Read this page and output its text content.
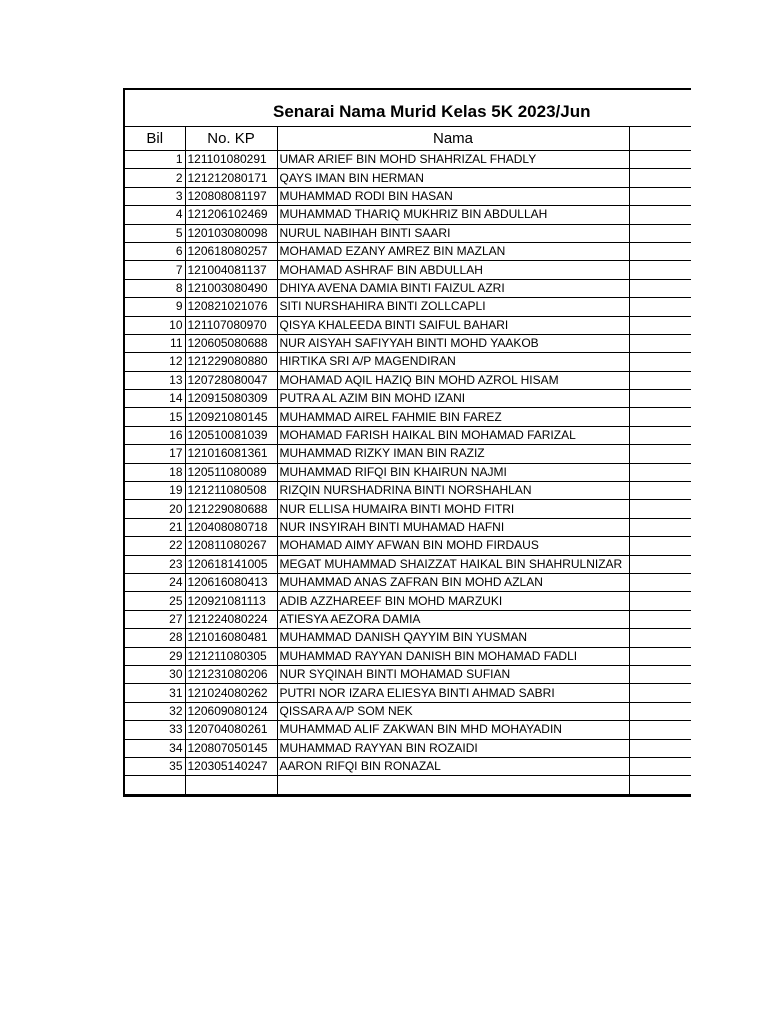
Senarai Nama Murid Kelas 5K 2023/Jun
Bil	No. KP	Nama	
1	121101080291	UMAR ARIEF BIN MOHD SHAHRIZAL FHADLY	
2	121212080171	QAYS IMAN BIN HERMAN	
3	120808081197	MUHAMMAD RODI BIN HASAN	
4	121206102469	MUHAMMAD THARIQ MUKHRIZ BIN ABDULLAH	
5	120103080098	NURUL NABIHAH BINTI SAARI	
6	120618080257	MOHAMAD EZANY AMREZ BIN MAZLAN	
7	121004081137	MOHAMAD ASHRAF BIN ABDULLAH	
8	121003080490	DHIYA AVENA DAMIA BINTI FAIZUL AZRI	
9	120821021076	SITI NURSHAHIRA BINTI ZOLLCAPLI	
10	121107080970	QISYA KHALEEDA BINTI SAIFUL BAHARI	
11	120605080688	NUR AISYAH SAFIYYAH BINTI MOHD YAAKOB	
12	121229080880	HIRTIKA SRI A/P MAGENDIRAN	
13	120728080047	MOHAMAD AQIL HAZIQ BIN MOHD AZROL HISAM	
14	120915080309	PUTRA AL AZIM BIN MOHD IZANI	
15	120921080145	MUHAMMAD AIREL FAHMIE BIN FAREZ	
16	120510081039	MOHAMAD FARISH HAIKAL BIN MOHAMAD FARIZAL	
17	121016081361	MUHAMMAD RIZKY IMAN BIN RAZIZ	
18	120511080089	MUHAMMAD RIFQI BIN KHAIRUN NAJMI	
19	121211080508	RIZQIN NURSHADRINA BINTI NORSHAHLAN	
20	121229080688	NUR ELLISA HUMAIRA BINTI MOHD FITRI	
21	120408080718	NUR INSYIRAH BINTI MUHAMAD HAFNI	
22	120811080267	MOHAMAD AIMY AFWAN BIN MOHD FIRDAUS	
23	120618141005	MEGAT MUHAMMAD SHAIZZAT HAIKAL BIN SHAHRULNIZAR	
24	120616080413	MUHAMMAD ANAS ZAFRAN BIN MOHD AZLAN	
25	120921081113	ADIB AZZHAREEF BIN MOHD MARZUKI	
27	121224080224	ATIESYA AEZORA DAMIA	
28	121016080481	MUHAMMAD DANISH QAYYIM BIN YUSMAN	
29	121211080305	MUHAMMAD RAYYAN DANISH BIN MOHAMAD FADLI	
30	121231080206	NUR SYQINAH BINTI MOHAMAD SUFIAN	
31	121024080262	PUTRI NOR IZARA ELIESYA BINTI AHMAD SABRI	
32	120609080124	QISSARA A/P SOM NEK	
33	120704080261	MUHAMMAD ALIF ZAKWAN BIN MHD MOHAYADIN	
34	120807050145	MUHAMMAD RAYYAN BIN ROZAIDI	
35	120305140247	AARON RIFQI BIN RONAZAL	
